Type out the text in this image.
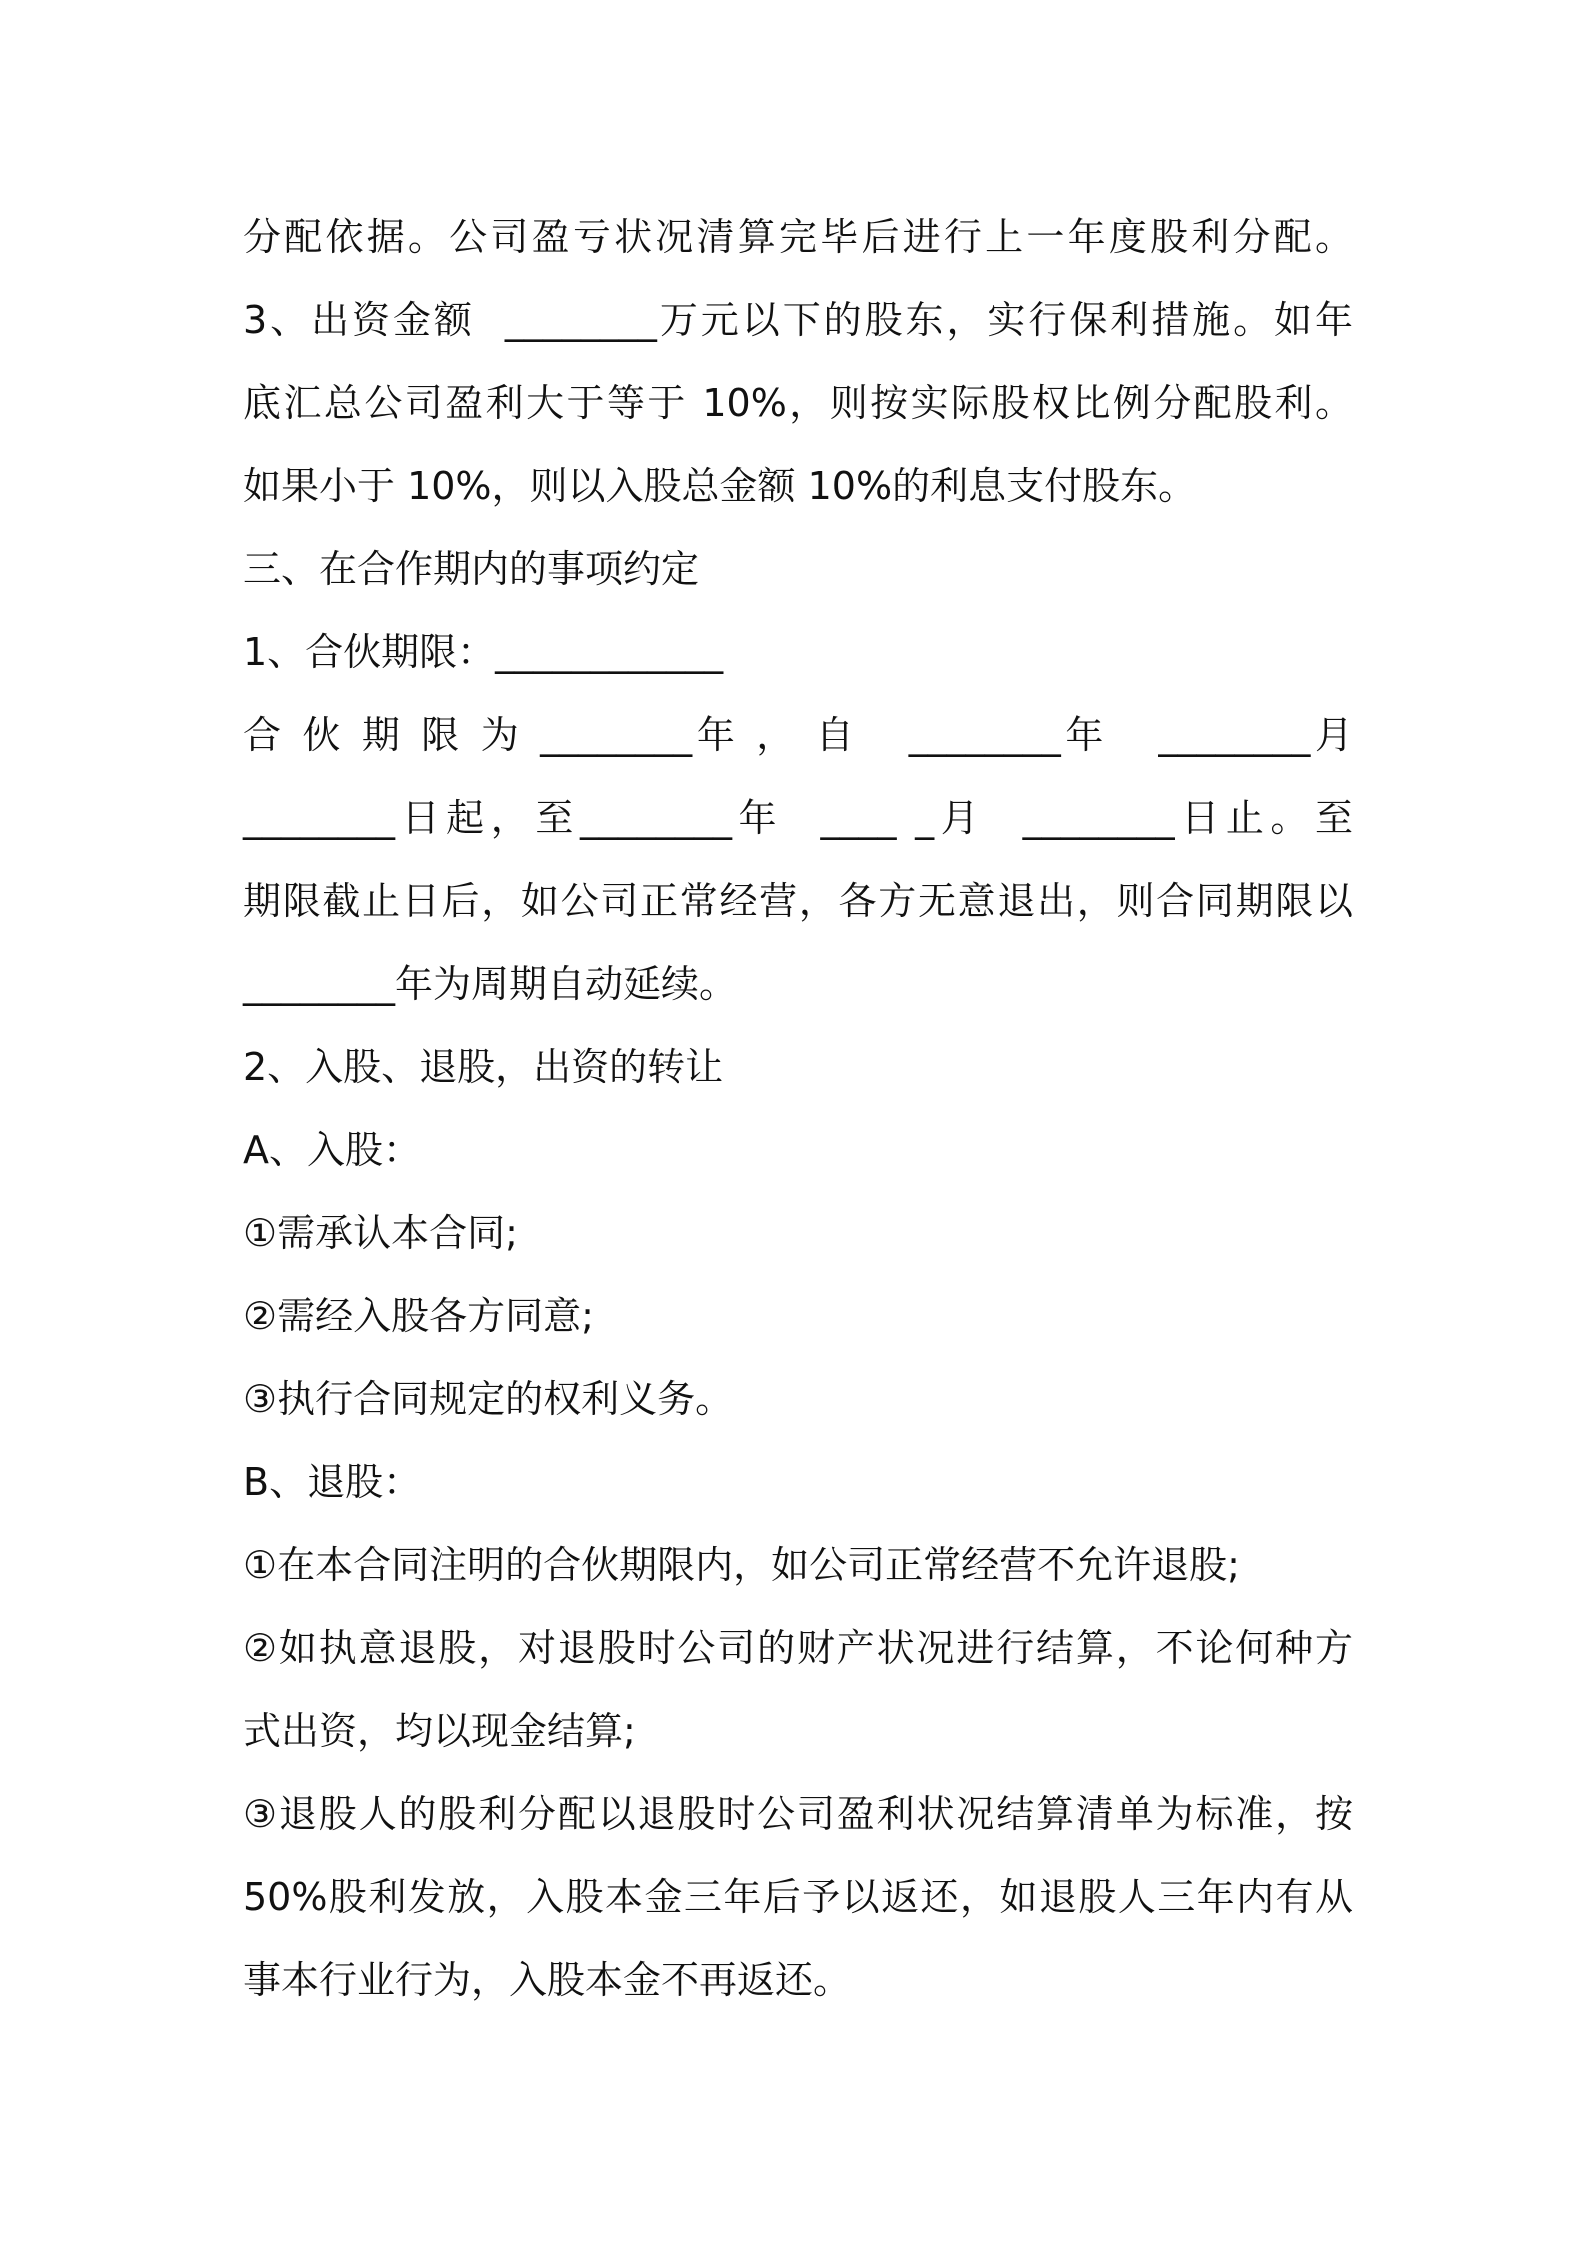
分配依据。公司盈亏状况清算完毕后进行上一年度股利分配。
3、出资金额  ________万元以下的股东，实行保利措施。如年
底汇总公司盈利大于等于 10%，则按实际股权比例分配股利。
如果小于 10%，则以入股总金额 10%的利息支付股东。
三、在合作期内的事项约定
1、合伙期限：____________
合 伙 期 限 为 ________年 ， 自   ________年   ________月
________日起，至________年  ____ _月  ________日止。至
期限截止日后，如公司正常经营，各方无意退出，则合同期限以
________年为周期自动延续。
2、入股、退股，出资的转让
A、入股：
①需承认本合同;
②需经入股各方同意;
③执行合同规定的权利义务。
B、退股：
①在本合同注明的合伙期限内，如公司正常经营不允许退股;
②如执意退股，对退股时公司的财产状况进行结算，不论何种方
式出资，均以现金结算;
③退股人的股利分配以退股时公司盈利状况结算清单为标准，按
50%股利发放，入股本金三年后予以返还，如退股人三年内有从
事本行业行为，入股本金不再返还。
